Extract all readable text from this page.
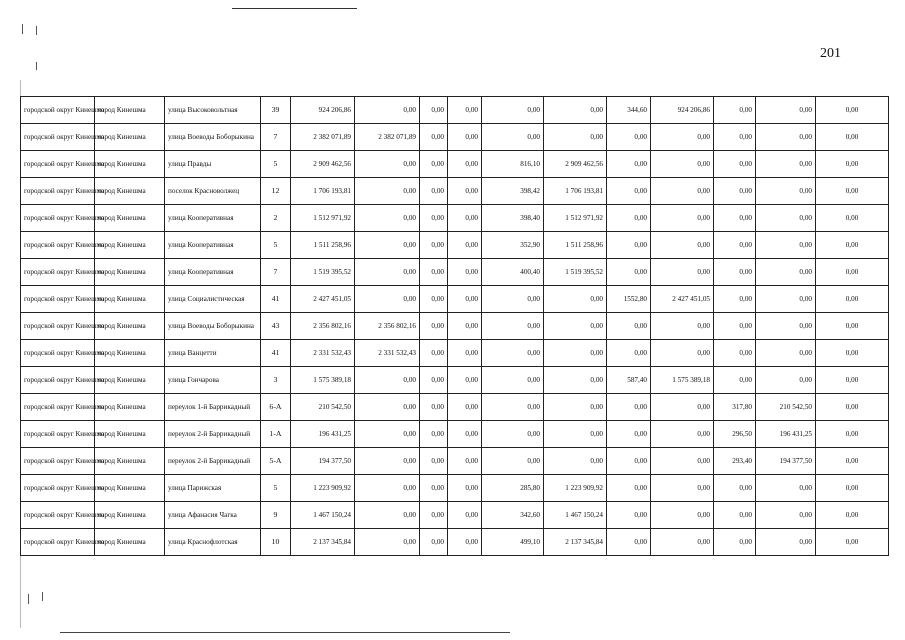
201
городской округ Кинешма	город Кинешма	улица Высоковольтная	39	924 206,86	0,00	0,00	0,00	0,00	0,00	344,60	924 206,86	0,00	0,00	0,00
городской округ Кинешма	город Кинешма	улица Воеводы Боборыкина	7	2 382 071,89	2 382 071,89	0,00	0,00	0,00	0,00	0,00	0,00	0,00	0,00	0,00
городской округ Кинешма	город Кинешма	улица Правды	5	2 909 462,56	0,00	0,00	0,00	816,10	2 909 462,56	0,00	0,00	0,00	0,00	0,00
городской округ Кинешма	город Кинешма	поселок Красноволжец	12	1 706 193,81	0,00	0,00	0,00	398,42	1 706 193,81	0,00	0,00	0,00	0,00	0,00
городской округ Кинешма	город Кинешма	улица Кооперативная	2	1 512 971,92	0,00	0,00	0,00	398,40	1 512 971,92	0,00	0,00	0,00	0,00	0,00
городской округ Кинешма	город Кинешма	улица Кооперативная	5	1 511 258,96	0,00	0,00	0,00	352,90	1 511 258,96	0,00	0,00	0,00	0,00	0,00
городской округ Кинешма	город Кинешма	улица Кооперативная	7	1 519 395,52	0,00	0,00	0,00	400,40	1 519 395,52	0,00	0,00	0,00	0,00	0,00
городской округ Кинешма	город Кинешма	улица Социалистическая	41	2 427 451,05	0,00	0,00	0,00	0,00	0,00	1552,80	2 427 451,05	0,00	0,00	0,00
городской округ Кинешма	город Кинешма	улица Воеводы Боборыкина	43	2 356 802,16	2 356 802,16	0,00	0,00	0,00	0,00	0,00	0,00	0,00	0,00	0,00
городской округ Кинешма	город Кинешма	улица Ванцетти	41	2 331 532,43	2 331 532,43	0,00	0,00	0,00	0,00	0,00	0,00	0,00	0,00	0,00
городской округ Кинешма	город Кинешма	улица Гончарова	3	1 575 389,18	0,00	0,00	0,00	0,00	0,00	587,40	1 575 389,18	0,00	0,00	0,00
городской округ Кинешма	город Кинешма	переулок 1-й Баррикадный	6-А	210 542,50	0,00	0,00	0,00	0,00	0,00	0,00	0,00	317,80	210 542,50	0,00
городской округ Кинешма	город Кинешма	переулок 2-й Баррикадный	1-А	196 431,25	0,00	0,00	0,00	0,00	0,00	0,00	0,00	296,50	196 431,25	0,00
городской округ Кинешма	город Кинешма	переулок 2-й Баррикадный	5-А	194 377,50	0,00	0,00	0,00	0,00	0,00	0,00	0,00	293,40	194 377,50	0,00
городской округ Кинешма	город Кинешма	улица Парижская	5	1 223 909,92	0,00	0,00	0,00	285,80	1 223 909,92	0,00	0,00	0,00	0,00	0,00
городской округ Кинешма	город Кинешма	улица Афанасия Чагка	9	1 467 150,24	0,00	0,00	0,00	342,60	1 467 150,24	0,00	0,00	0,00	0,00	0,00
городской округ Кинешма	город Кинешма	улица Краснофлотская	10	2 137 345,84	0,00	0,00	0,00	499,10	2 137 345,84	0,00	0,00	0,00	0,00	0,00
